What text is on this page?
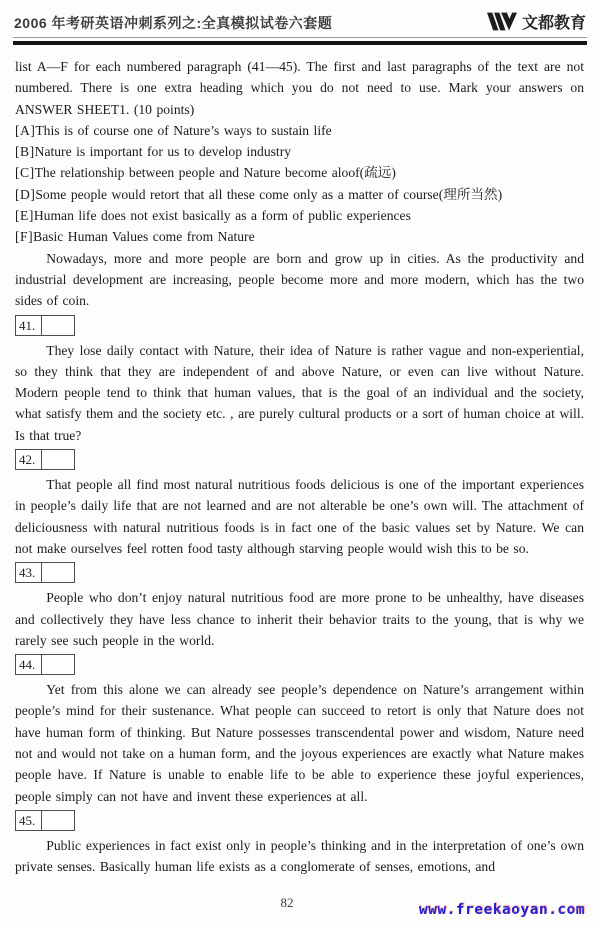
2006 年考研英语冲刺系列之:全真模拟试卷六套题	文都教育

list A—F for each numbered paragraph (41—45). The first and last paragraphs of the text are not numbered. There is one extra heading which you do not need to use. Mark your answers on ANSWER SHEET1. (10 points)

[A]This is of course one of Nature’s ways to sustain life
[B]Nature is important for us to develop industry
[C]The relationship between people and Nature become aloof(疏远)
[D]Some people would retort that all these come only as a matter of course(理所当然)
[E]Human life does not exist basically as a form of public experiences
[F]Basic Human Values come from Nature

Nowadays, more and more people are born and grow up in cities. As the productivity and industrial development are increasing, people become more and more modern, which has the two sides of coin.

41.

They lose daily contact with Nature, their idea of Nature is rather vague and non-experiential, so they think that they are independent of and above Nature, or even can live without Nature. Modern people tend to think that human values, that is the goal of an individual and the society, what satisfy them and the society etc. , are purely cultural products or a sort of human choice at will. Is that true?

42.

That people all find most natural nutritious foods delicious is one of the important experiences in people’s daily life that are not learned and are not alterable be one’s own will. The attachment of deliciousness with natural nutritious foods is in fact one of the basic values set by Nature. We can not make ourselves feel rotten food tasty although starving people would wish this to be so.

43.

People who don’t enjoy natural nutritious food are more prone to be unhealthy, have diseases and collectively they have less chance to inherit their behavior traits to the young, that is why we rarely see such people in the world.

44.

Yet from this alone we can already see people’s dependence on Nature’s arrangement within people’s mind for their sustenance. What people can succeed to retort is only that Nature does not have human form of thinking. But Nature possesses transcendental power and wisdom, Nature need not and would not take on a human form, and the joyous experiences are exactly what Nature makes people have. If Nature is unable to enable life to be able to experience these joyful experiences, people simply can not have and invent these experiences at all.

45.

Public experiences in fact exist only in people’s thinking and in the interpretation of one’s own private senses. Basically human life exists as a conglomerate of senses, emotions, and

82	www.freekaoyan.com
